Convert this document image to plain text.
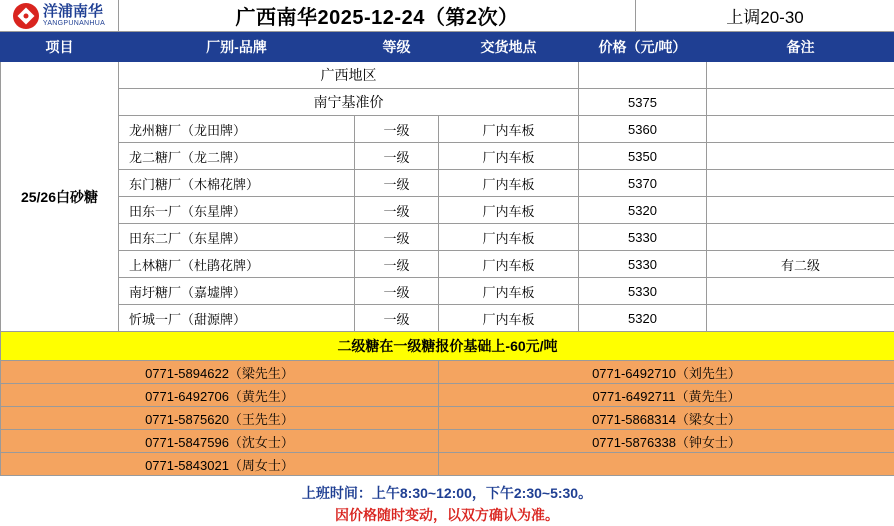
洋浦南华
YANGPUNANHUA	广西南华2025-12-24（第2次）	上调20-30
项目	厂别-品牌	等级	交货地点	价格（元/吨）	备注
25/26白砂糖	广西地区				
	南宁基准价			5375	
	龙州糖厂（龙田牌）	一级	厂内车板	5360	
	龙二糖厂（龙二牌）	一级	厂内车板	5350	
	东门糖厂（木棉花牌）	一级	厂内车板	5370	
	田东一厂（东星牌）	一级	厂内车板	5320	
	田东二厂（东星牌）	一级	厂内车板	5330	
	上林糖厂（杜鹃花牌）	一级	厂内车板	5330	有二级
	南圩糖厂（嘉墟牌）	一级	厂内车板	5330	
	忻城一厂（甜源牌）	一级	厂内车板	5320	
二级糖在一级糖报价基础上-60元/吨					
0771-5894622（梁先生）			0771-6492710（刘先生）		
0771-6492706（黄先生）			0771-6492711（黄先生）		
0771-5875620（王先生）			0771-5868314（梁女士）		
0771-5847596（沈女士）			0771-5876338（钟女士）		
0771-5843021（周女士）					
上班时间：上午8:30~12:00，下午2:30~5:30。
因价格随时变动，以双方确认为准。
